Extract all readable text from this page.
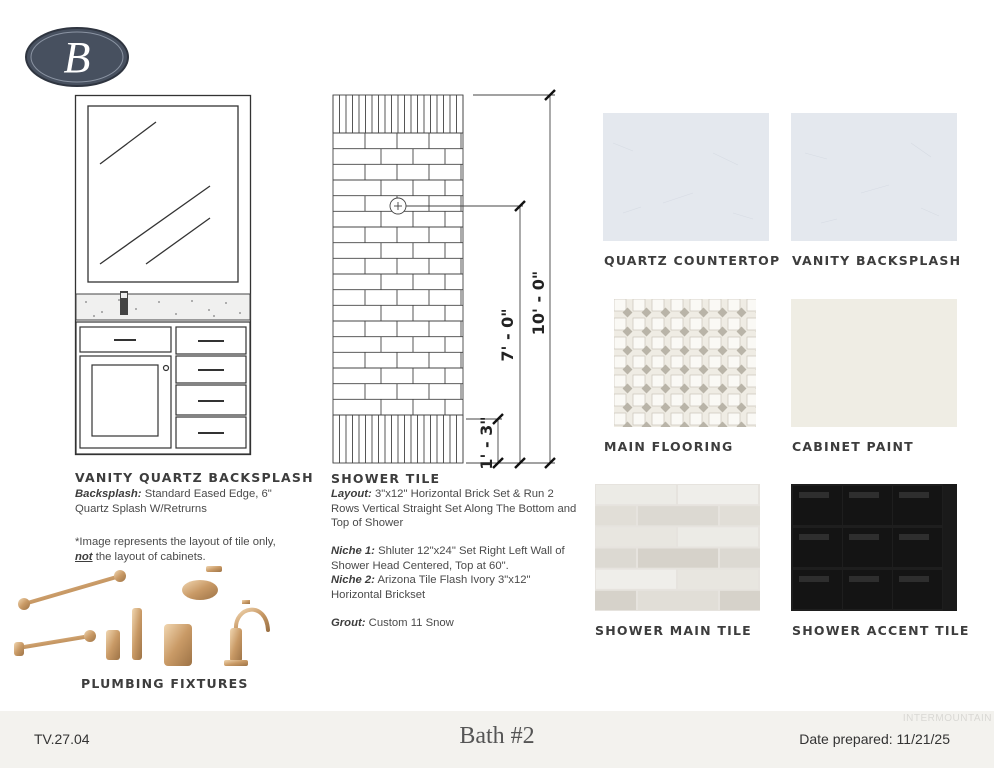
B
VANITY QUARTZ BACKSPLASH
Backsplash: Standard Eased Edge, 6" Quartz Splash W/Retrurns
*Image represents the layout of tile only, not the layout of cabinets.
PLUMBING FIXTURES
10' - 0"
7' - 0"
1' - 3"
SHOWER TILE
Layout: 3"x12" Horizontal Brick Set & Run 2 Rows Vertical Straight Set Along The Bottom and Top of Shower
Niche 1: Shluter 12"x24" Set Right Left Wall of Shower Head Centered, Top at 60".
Niche 2: Arizona Tile Flash Ivory 3"x12" Horizontal Brickset
Grout: Custom 11 Snow
QUARTZ COUNTERTOP VANITY BACKSPLASH
MAIN FLOORING	CABINET PAINT
SHOWER MAIN TILE	SHOWER ACCENT TILE
TV.27.04	Bath #2	Date prepared: 11/21/25
INTERMOUNTAIN
